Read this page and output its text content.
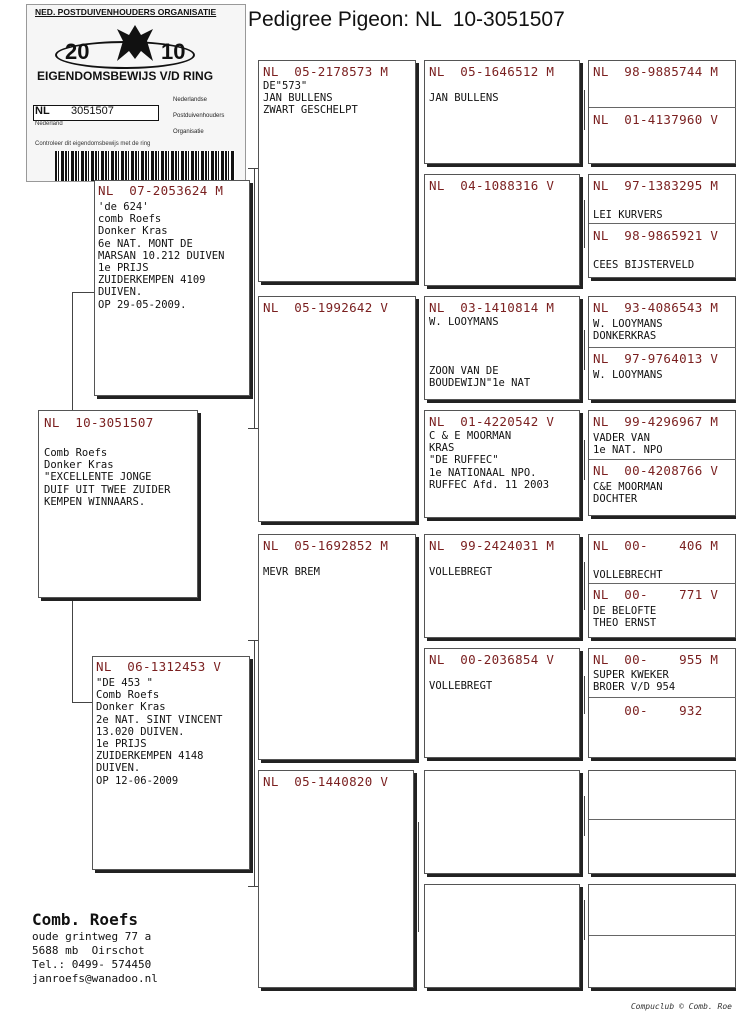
Pedigree Pigeon: NL  10-3051507
NED. POSTDUIVENHOUDERS ORGANISATIE
20	10
EIGENDOMSBEWIJS V/D RING
NL 3051507
Nederland
Nederlandse
Postduivenhouders
Organisatie
Controleer dit eigendomsbewijs met de ring
NL  10-3051507
Comb Roefs
Donker Kras
"EXCELLENTE JONGE
DUIF UIT TWEE ZUIDER
KEMPEN WINNAARS.
NL  07-2053624 M
'de 624'
comb Roefs
Donker Kras
6e NAT. MONT DE
MARSAN 10.212 DUIVEN
1e PRIJS
ZUIDERKEMPEN 4109
DUIVEN.
OP 29-05-2009.
NL  06-1312453 V
"DE 453 "
Comb Roefs
Donker Kras
2e NAT. SINT VINCENT
13.020 DUIVEN.
1e PRIJS
ZUIDERKEMPEN 4148
DUIVEN.
OP 12-06-2009
NL  05-2178573 M
DE"573"
JAN BULLENS
ZWART GESCHELPT
NL  05-1992642 V
NL  05-1692852 M

MEVR BREM
NL  05-1440820 V
NL  05-1646512 M

JAN BULLENS
NL  04-1088316 V
NL  03-1410814 M
W. LOOYMANS

ZOON VAN DE
BOUDEWIJN"1e NAT
NL  01-4220542 V
C & E MOORMAN
KRAS
"DE RUFFEC"
1e NATIONAAL NPO.
RUFFEC Afd. 11 2003
NL  99-2424031 M

VOLLEBREGT
NL  00-2036854 V

VOLLEBREGT
NL  98-9885744 M
NL  01-4137960 V
NL  97-1383295 M

LEI KURVERS
NL  98-9865921 V

CEES BIJSTERVELD
NL  93-4086543 M
W. LOOYMANS
DONKERKRAS
NL  97-9764013 V
W. LOOYMANS
NL  99-4296967 M
VADER VAN
1e NAT. NPO
NL  00-4208766 V
C&E MOORMAN
DOCHTER
NL  00-    406 M

VOLLEBRECHT
NL  00-    771 V
DE BELOFTE
THEO ERNST
NL  00-    955 M
SUPER KWEKER
BROER V/D 954
00-    932
Comb. Roefs
oude grintweg 77 a
5688 mb  Oirschot
Tel.: 0499- 574450
janroefs@wanadoo.nl
Compuclub © Comb. Roe
